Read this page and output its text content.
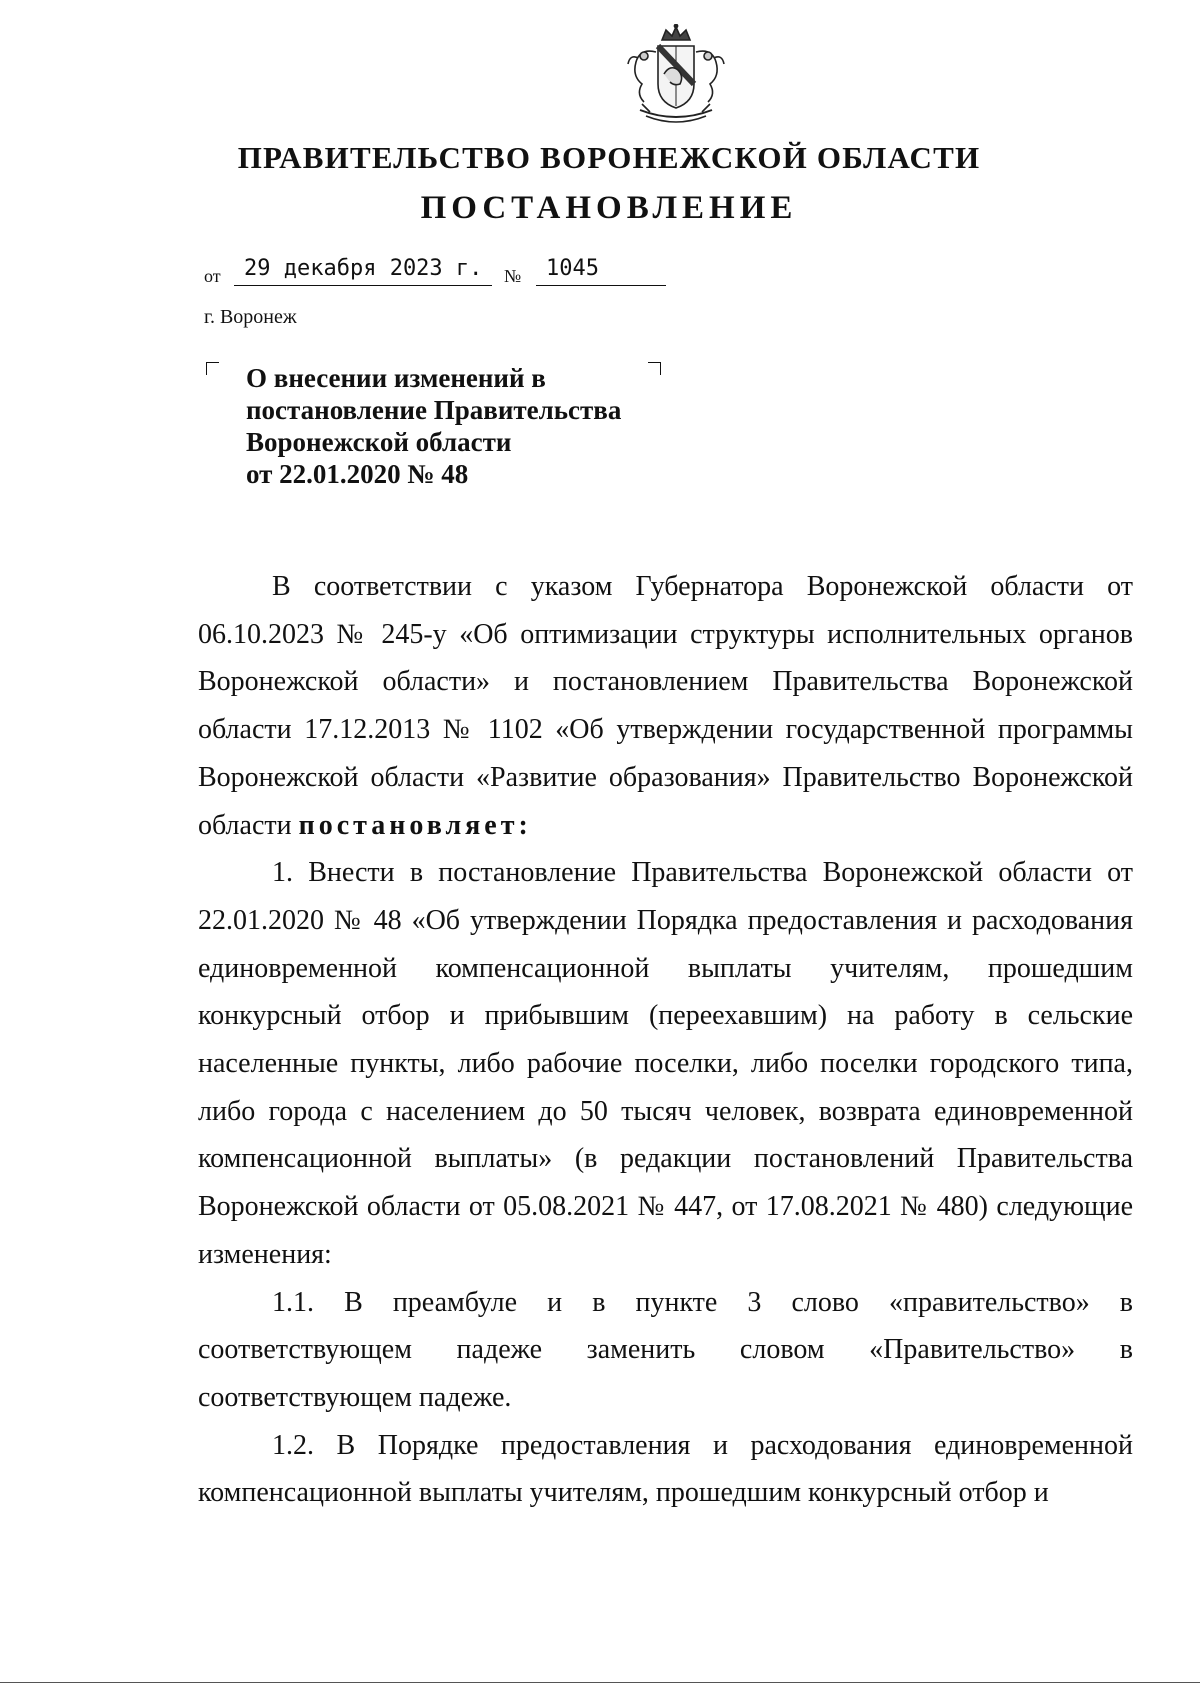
ПРАВИТЕЛЬСТВО ВОРОНЕЖСКОЙ ОБЛАСТИ
ПОСТАНОВЛЕНИЕ
от 29 декабря 2023 г. № 1045
г. Воронеж
О внесении изменений в
постановление Правительства
Воронежской области
от 22.01.2020 № 48

В соответствии с указом Губернатора Воронежской области от 06.10.2023 № 245-у «Об оптимизации структуры исполнительных органов Воронежской области» и постановлением Правительства Воронежской области 17.12.2013 № 1102 «Об утверждении государственной программы Воронежской области «Развитие образования» Правительство Воронежской области постановляет:

1. Внести в постановление Правительства Воронежской области от 22.01.2020 № 48 «Об утверждении Порядка предоставления и расходования единовременной компенсационной выплаты учителям, прошедшим конкурсный отбор и прибывшим (переехавшим) на работу в сельские населенные пункты, либо рабочие поселки, либо поселки городского типа, либо города с населением до 50 тысяч человек, возврата единовременной компенсационной выплаты» (в редакции постановлений Правительства Воронежской области от 05.08.2021 № 447, от 17.08.2021 № 480) следующие изменения:

1.1. В преамбуле и в пункте 3 слово «правительство» в соответствующем падеже заменить словом «Правительство» в соответствующем падеже.

1.2. В Порядке предоставления и расходования единовременной компенсационной выплаты учителям, прошедшим конкурсный отбор и
